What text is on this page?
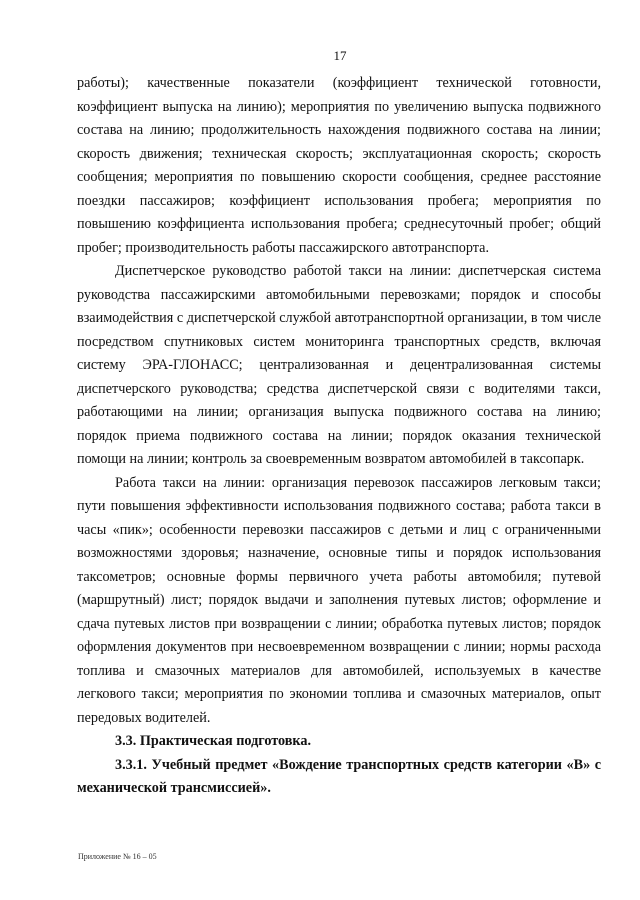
17

работы); качественные показатели (коэффициент технической готовности, коэффициент выпуска на линию); мероприятия по увеличению выпуска подвижного состава на линию; продолжительность нахождения подвижного состава на линии; скорость движения; техническая скорость; эксплуатационная скорость; скорость сообщения; мероприятия по повышению скорости сообщения, среднее расстояние поездки пассажиров; коэффициент использования пробега; мероприятия по повышению коэффициента использования пробега; среднесуточный пробег; общий пробег; производительность работы пассажирского автотранспорта.

Диспетчерское руководство работой такси на линии: диспетчерская система руководства пассажирскими автомобильными перевозками; порядок и способы взаимодействия с диспетчерской службой автотранспортной организации, в том числе посредством спутниковых систем мониторинга транспортных средств, включая систему ЭРА-ГЛОНАСС; централизованная и децентрализованная системы диспетчерского руководства; средства диспетчерской связи с водителями такси, работающими на линии; организация выпуска подвижного состава на линию; порядок приема подвижного состава на линии; порядок оказания технической помощи на линии; контроль за своевременным возвратом автомобилей в таксопарк.

Работа такси на линии: организация перевозок пассажиров легковым такси; пути повышения эффективности использования подвижного состава; работа такси в часы «пик»; особенности перевозки пассажиров с детьми и лиц с ограниченными возможностями здоровья; назначение, основные типы и порядок использования таксометров; основные формы первичного учета работы автомобиля; путевой (маршрутный) лист; порядок выдачи и заполнения путевых листов; оформление и сдача путевых листов при возвращении с линии; обработка путевых листов; порядок оформления документов при несвоевременном возвращении с линии; нормы расхода топлива и смазочных материалов для автомобилей, используемых в качестве легкового такси; мероприятия по экономии топлива и смазочных материалов, опыт передовых водителей.

3.3. Практическая подготовка.

3.3.1. Учебный предмет «Вождение транспортных средств категории «В» с механической трансмиссией».

Приложение № 16 – 05
